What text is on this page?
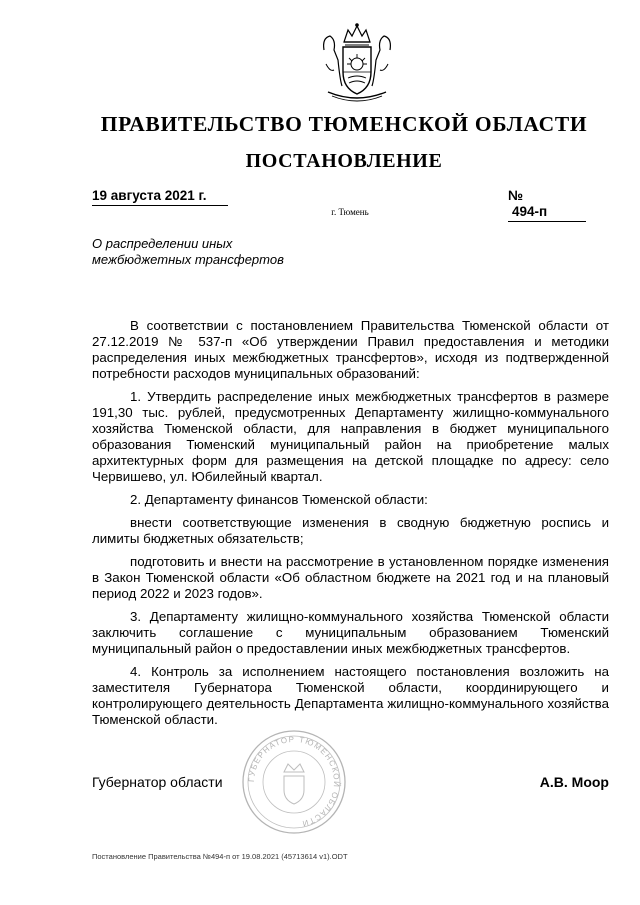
ПРАВИТЕЛЬСТВО ТЮМЕНСКОЙ ОБЛАСТИ
ПОСТАНОВЛЕНИЕ
19 августа 2021 г.	№ 494-п
г. Тюмень
О распределении иных
межбюджетных трансфертов

В соответствии с постановлением Правительства Тюменской области от 27.12.2019 № 537-п «Об утверждении Правил предоставления и методики распределения иных межбюджетных трансфертов», исходя из подтвержденной потребности расходов муниципальных образований:

1. Утвердить распределение иных межбюджетных трансфертов в размере 191,30 тыс. рублей, предусмотренных Департаменту жилищно-коммунального хозяйства Тюменской области, для направления в бюджет муниципального образования Тюменский муниципальный район на приобретение малых архитектурных форм для размещения на детской площадке по адресу: село Червишево, ул. Юбилейный квартал.

2. Департаменту финансов Тюменской области:

внести соответствующие изменения в сводную бюджетную роспись и лимиты бюджетных обязательств;

подготовить и внести на рассмотрение в установленном порядке изменения в Закон Тюменской области «Об областном бюджете на 2021 год и на плановый период 2022 и 2023 годов».

3. Департаменту жилищно-коммунального хозяйства Тюменской области заключить соглашение с муниципальным образованием Тюменский муниципальный район о предоставлении иных межбюджетных трансфертов.

4. Контроль за исполнением настоящего постановления возложить на заместителя Губернатора Тюменской области, координирующего и контролирующего деятельность Департамента жилищно-коммунального хозяйства Тюменской области.

ГУБЕРНАТОР ТЮМЕНСКОЙ ОБЛАСТИ
Губернатор области	А.В. Моор
Постановление Правительства №494-п от 19.08.2021 (45713614 v1).ODT
